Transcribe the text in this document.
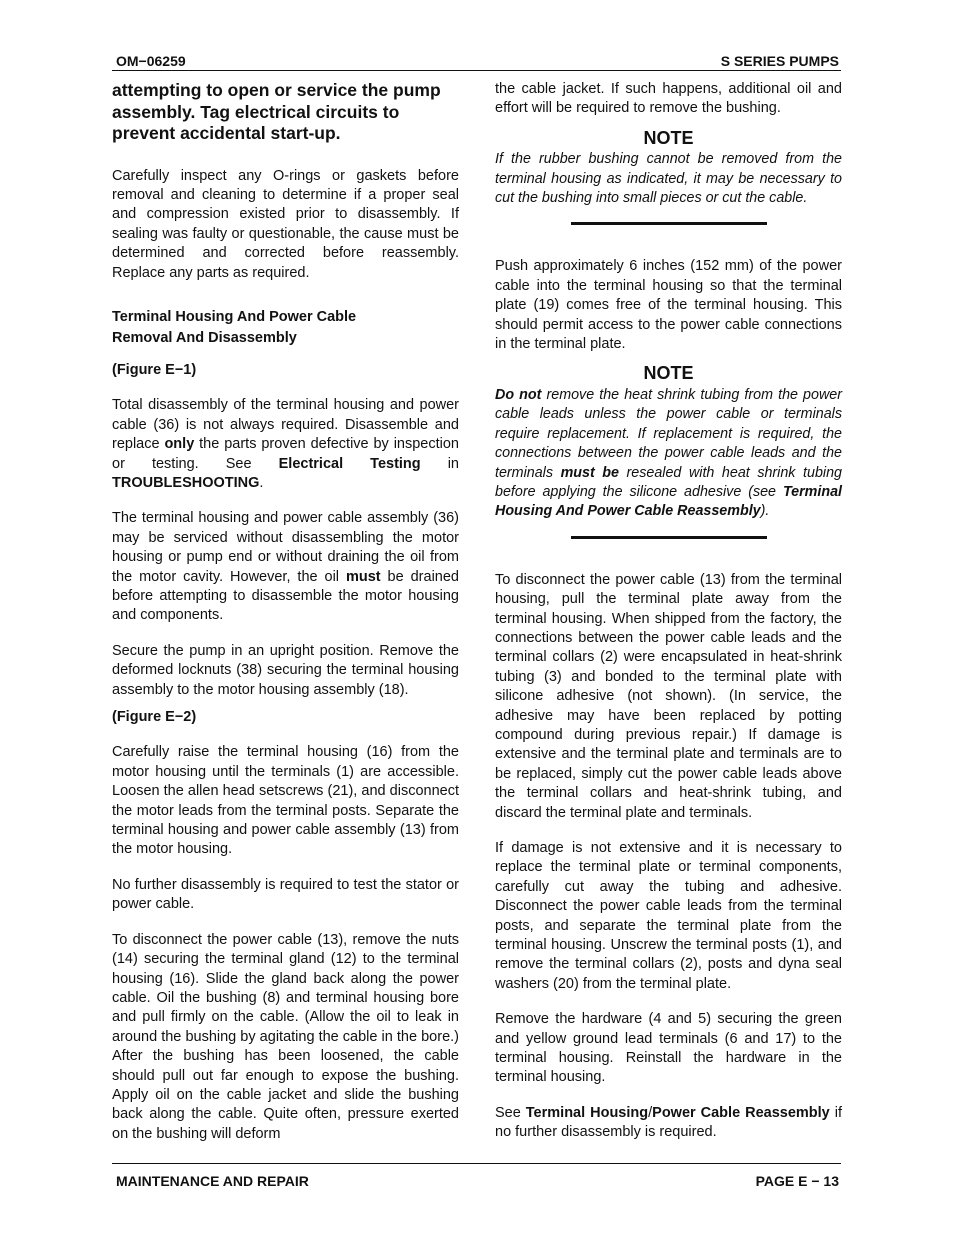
OM−06259	S SERIES PUMPS

attempting to open or service the pump assembly. Tag electrical circuits to prevent accidental start-up.

Carefully inspect any O-rings or gaskets before removal and cleaning to determine if a proper seal and compression existed prior to disassembly. If sealing was faulty or questionable, the cause must be determined and corrected before reassembly. Replace any parts as required.

Terminal Housing And Power Cable
Removal And Disassembly

(Figure E−1)

Total disassembly of the terminal housing and power cable (36) is not always required. Disassemble and replace only the parts proven defective by inspection or testing. See Electrical Testing in TROUBLESHOOTING.

The terminal housing and power cable assembly (36) may be serviced without disassembling the motor housing or pump end or without draining the oil from the motor cavity. However, the oil must be drained before attempting to disassemble the motor housing and components.

Secure the pump in an upright position. Remove the deformed locknuts (38) securing the terminal housing assembly to the motor housing assembly (18).

(Figure E−2)

Carefully raise the terminal housing (16) from the motor housing until the terminals (1) are accessible. Loosen the allen head setscrews (21), and disconnect the motor leads from the terminal posts. Separate the terminal housing and power cable assembly (13) from the motor housing.

No further disassembly is required to test the stator or power cable.

To disconnect the power cable (13), remove the nuts (14) securing the terminal gland (12) to the terminal housing (16). Slide the gland back along the power cable. Oil the bushing (8) and terminal housing bore and pull firmly on the cable. (Allow the oil to leak in around the bushing by agitating the cable in the bore.) After the bushing has been loosened, the cable should pull out far enough to expose the bushing. Apply oil on the cable jacket and slide the bushing back along the cable. Quite often, pressure exerted on the bushing will deform

the cable jacket. If such happens, additional oil and effort will be required to remove the bushing.

NOTE

If the rubber bushing cannot be removed from the terminal housing as indicated, it may be necessary to cut the bushing into small pieces or cut the cable.

Push approximately 6 inches (152 mm) of the power cable into the terminal housing so that the terminal plate (19) comes free of the terminal housing. This should permit access to the power cable connections in the terminal plate.

NOTE

Do not remove the heat shrink tubing from the power cable leads unless the power cable or terminals require replacement. If replacement is required, the connections between the power cable leads and the terminals must be resealed with heat shrink tubing before applying the silicone adhesive (see Terminal Housing And Power Cable Reassembly).

To disconnect the power cable (13) from the terminal housing, pull the terminal plate away from the terminal housing. When shipped from the factory, the connections between the power cable leads and the terminal collars (2) were encapsulated in heat-shrink tubing (3) and bonded to the terminal plate with silicone adhesive (not shown). (In service, the adhesive may have been replaced by potting compound during previous repair.) If damage is extensive and the terminal plate and terminals are to be replaced, simply cut the power cable leads above the terminal collars and heat-shrink tubing, and discard the terminal plate and terminals.

If damage is not extensive and it is necessary to replace the terminal plate or terminal components, carefully cut away the tubing and adhesive. Disconnect the power cable leads from the terminal posts, and separate the terminal plate from the terminal housing. Unscrew the terminal posts (1), and remove the terminal collars (2), posts and dyna seal washers (20) from the terminal plate.

Remove the hardware (4 and 5) securing the green and yellow ground lead terminals (6 and 17) to the terminal housing. Reinstall the hardware in the terminal housing.

See Terminal Housing/Power Cable Reassembly if no further disassembly is required.

MAINTENANCE AND REPAIR	PAGE E − 13
